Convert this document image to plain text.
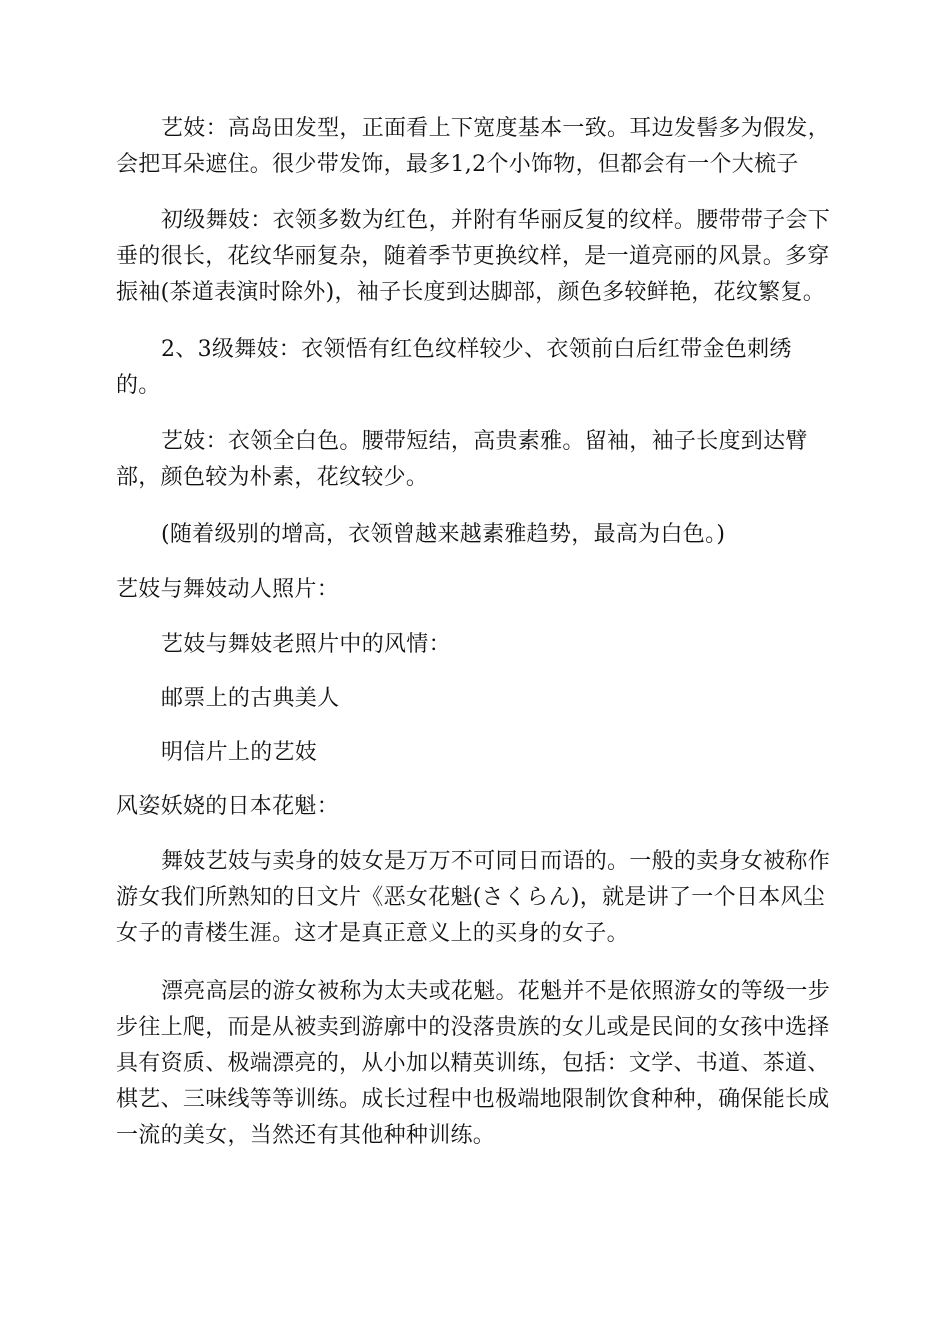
艺妓：高岛田发型，正面看上下宽度基本一致。耳边发髻多为假发，会把耳朵遮住。很少带发饰，最多1,2个小饰物，但都会有一个大梳子

初级舞妓：衣领多数为红色，并附有华丽反复的纹样。腰带带子会下垂的很长，花纹华丽复杂，随着季节更换纹样，是一道亮丽的风景。多穿振袖(茶道表演时除外)，袖子长度到达脚部，颜色多较鲜艳，花纹繁复。

2、3级舞妓：衣领悟有红色纹样较少、衣领前白后红带金色刺绣的。

艺妓：衣领全白色。腰带短结，高贵素雅。留袖，袖子长度到达臂部，颜色较为朴素，花纹较少。

(随着级别的增高，衣领曾越来越素雅趋势，最高为白色。)

艺妓与舞妓动人照片：

艺妓与舞妓老照片中的风情：

邮票上的古典美人

明信片上的艺妓

风姿妖娆的日本花魁：

舞妓艺妓与卖身的妓女是万万不可同日而语的。一般的卖身女被称作游女我们所熟知的日文片《恶女花魁(さくらん)，就是讲了一个日本风尘女子的青楼生涯。这才是真正意义上的买身的女子。

漂亮高层的游女被称为太夫或花魁。花魁并不是依照游女的等级一步步往上爬，而是从被卖到游廓中的没落贵族的女儿或是民间的女孩中选择具有资质、极端漂亮的，从小加以精英训练，包括：文学、书道、茶道、棋艺、三味线等等训练。成长过程中也极端地限制饮食种种，确保能长成一流的美女，当然还有其他种种训练。
